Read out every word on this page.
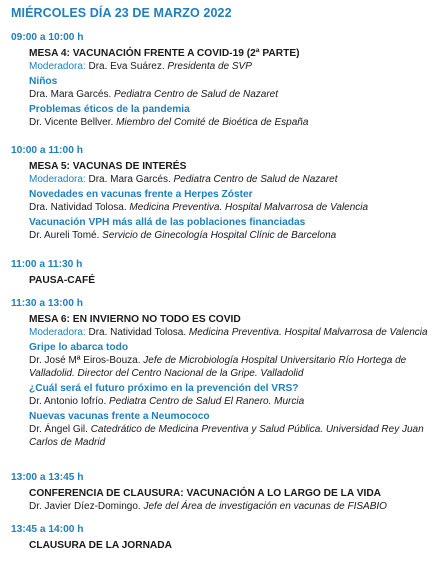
MIÉRCOLES DÍA 23 DE MARZO 2022
09:00 a 10:00 h
MESA 4: VACUNACIÓN FRENTE A COVID-19 (2ª PARTE)
Moderadora: Dra. Eva Suárez. Presidenta de SVP
Niños
Dra. Mara Garcés. Pediatra Centro de Salud de Nazaret
Problemas éticos de la pandemia
Dr. Vicente Bellver. Miembro del Comité de Bioética de España
10:00 a 11:00 h
MESA 5: VACUNAS DE INTERÉS
Moderadora: Dra. Mara Garcés. Pediatra Centro de Salud de Nazaret
Novedades en vacunas frente a Herpes Zóster
Dra. Natividad Tolosa. Medicina Preventiva. Hospital Malvarrosa de Valencia
Vacunación VPH más allá de las poblaciones financiadas
Dr. Aureli Tomé. Servicio de Ginecología Hospital Clínic de Barcelona
11:00 a 11:30 h
PAUSA-CAFÉ
11:30 a 13:00 h
MESA 6: EN INVIERNO NO TODO ES COVID
Moderadora: Dra. Natividad Tolosa. Medicina Preventiva. Hospital Malvarrosa de Valencia
Gripe lo abarca todo
Dr. José Mª Eiros-Bouza. Jefe de Microbiología Hospital Universitario Río Hortega de Valladolid. Director del Centro Nacional de la Gripe. Valladolid
¿Cuál será el futuro próximo en la prevención del VRS?
Dr. Antonio Iofrío. Pediatra Centro de Salud El Ranero. Murcia
Nuevas vacunas frente a Neumococo
Dr. Ángel Gil. Catedrático de Medicina Preventiva y Salud Pública. Universidad Rey Juan Carlos de Madrid
13:00 a 13:45 h
CONFERENCIA DE CLAUSURA: VACUNACIÓN A LO LARGO DE LA VIDA
Dr. Javier Díez-Domingo. Jefe del Área de investigación en vacunas de FISABIO
13:45 a 14:00 h
CLAUSURA DE LA JORNADA
